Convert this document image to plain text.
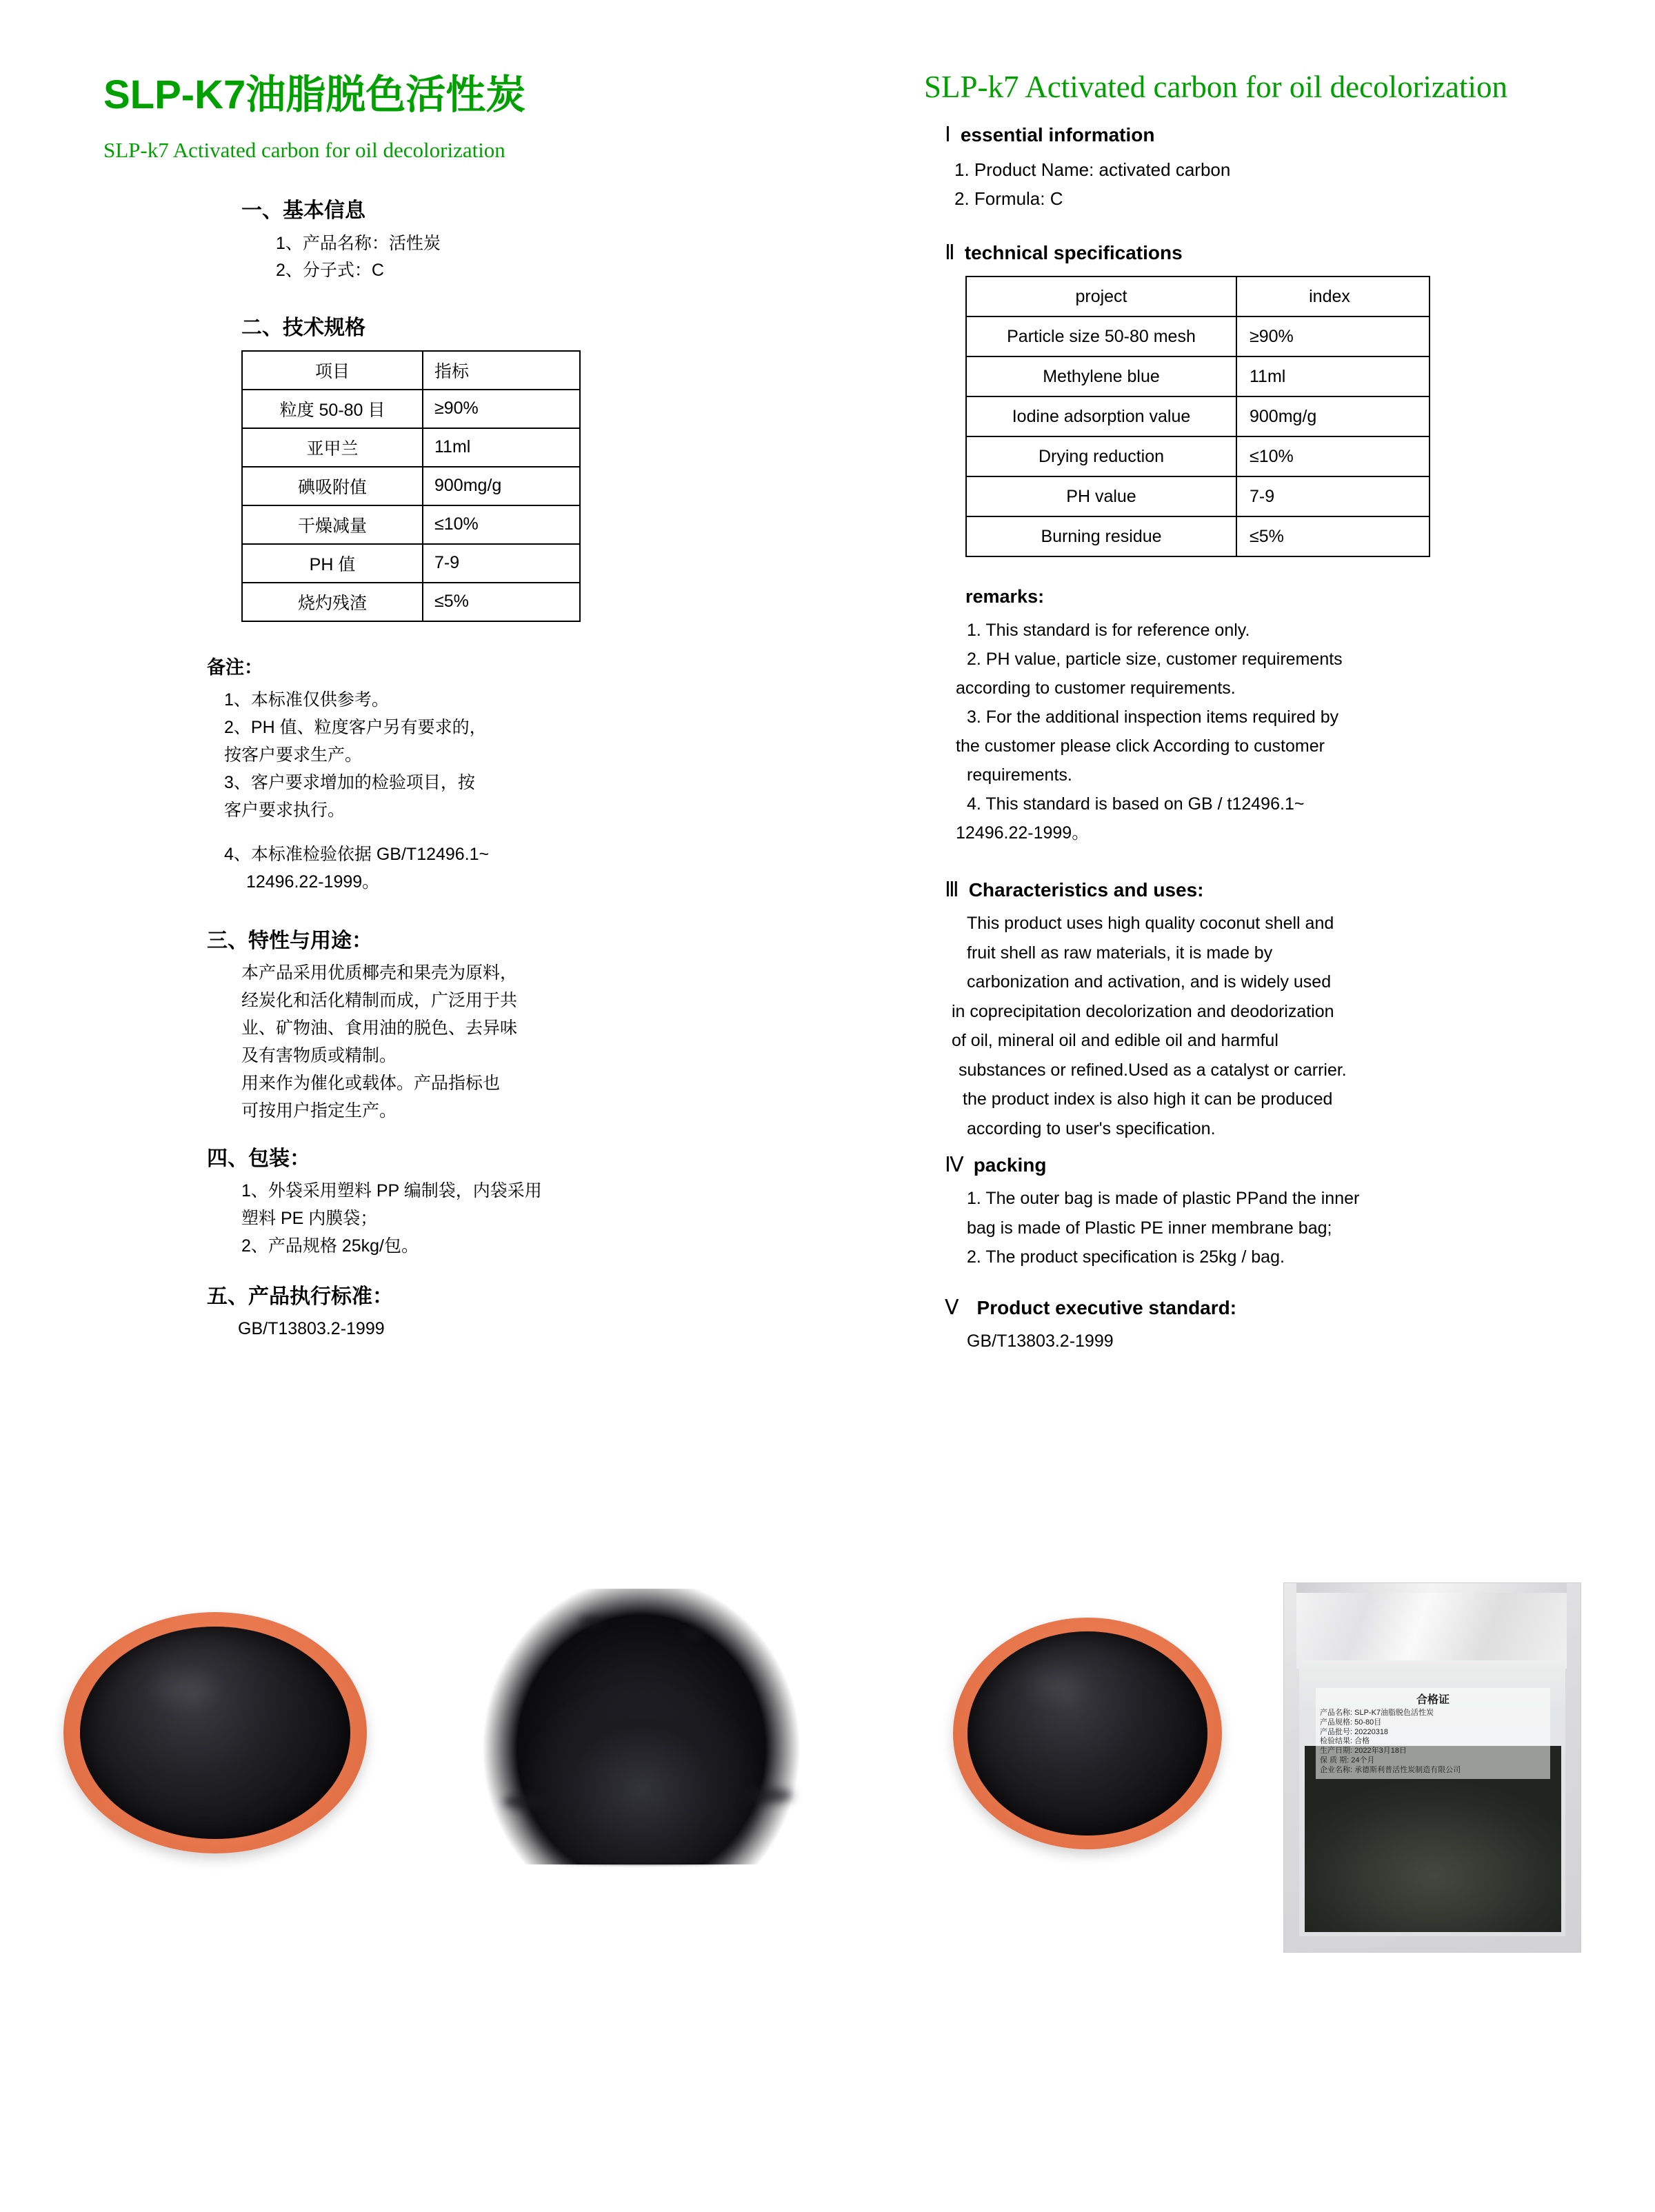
SLP-K7油脂脱色活性炭
SLP-k7 Activated carbon for oil decolorization
一、基本信息
1、产品名称：活性炭
2、分子式：C
二、技术规格
项目	指标
粒度 50-80 目	≥90%
亚甲兰	11ml
碘吸附值	900mg/g
干燥减量	≤10%
PH 值	7-9
烧灼残渣	≤5%
备注：
1、本标准仅供参考。
2、PH 值、粒度客户另有要求的，
按客户要求生产。
3、客户要求增加的检验项目，按
客户要求执行。
4、本标准检验依据 GB/T12496.1~
　 12496.22-1999。
三、特性与用途：
本产品采用优质椰壳和果壳为原料，
经炭化和活化精制而成，广泛用于共
业、矿物油、食用油的脱色、去异味
及有害物质或精制。
用来作为催化或载体。产品指标也
可按用户指定生产。
四、包装：
1、外袋采用塑料 PP 编制袋，内袋采用
塑料 PE 内膜袋；
2、产品规格 25kg/包。
五、产品执行标准：
GB/T13803.2-1999
SLP-k7 Activated carbon for oil decolorization
Ⅰ essential information
1. Product Name: activated carbon
2. Formula: C
Ⅱ technical specifications
project	index
Particle size 50-80 mesh	≥90%
Methylene blue	11ml
Iodine adsorption value	900mg/g
Drying reduction	≤10%
PH value	7-9
Burning residue	≤5%
remarks:
1. This standard is for reference only.
2. PH value, particle size, customer requirements
according to customer requirements.
3. For the additional inspection items required by
the customer please click According to customer
requirements.
4. This standard is based on GB / t12496.1~
12496.22-1999。
Ⅲ Characteristics and uses:
This product uses high quality coconut shell and
fruit shell as raw materials, it is made by
carbonization and activation, and is widely used
in coprecipitation decolorization and deodorization
of oil, mineral oil and edible oil and harmful
substances or refined.Used as a catalyst or carrier.
the product index is also high it can be produced
according to user's specification.
Ⅳ packing
1. The outer bag is made of plastic PPand the inner
bag is made of Plastic PE inner membrane bag;
2. The product specification is 25kg / bag.
Ⅴ Product executive standard:
GB/T13803.2-1999
合格证
产品名称: SLP-K7油脂脱色活性炭
产品规格: 50-80目
产品批号: 20220318
检验结果: 合格
生产日期: 2022年3月18日
保 质 期: 24个月
企业名称: 承德斯利普活性炭制造有限公司
